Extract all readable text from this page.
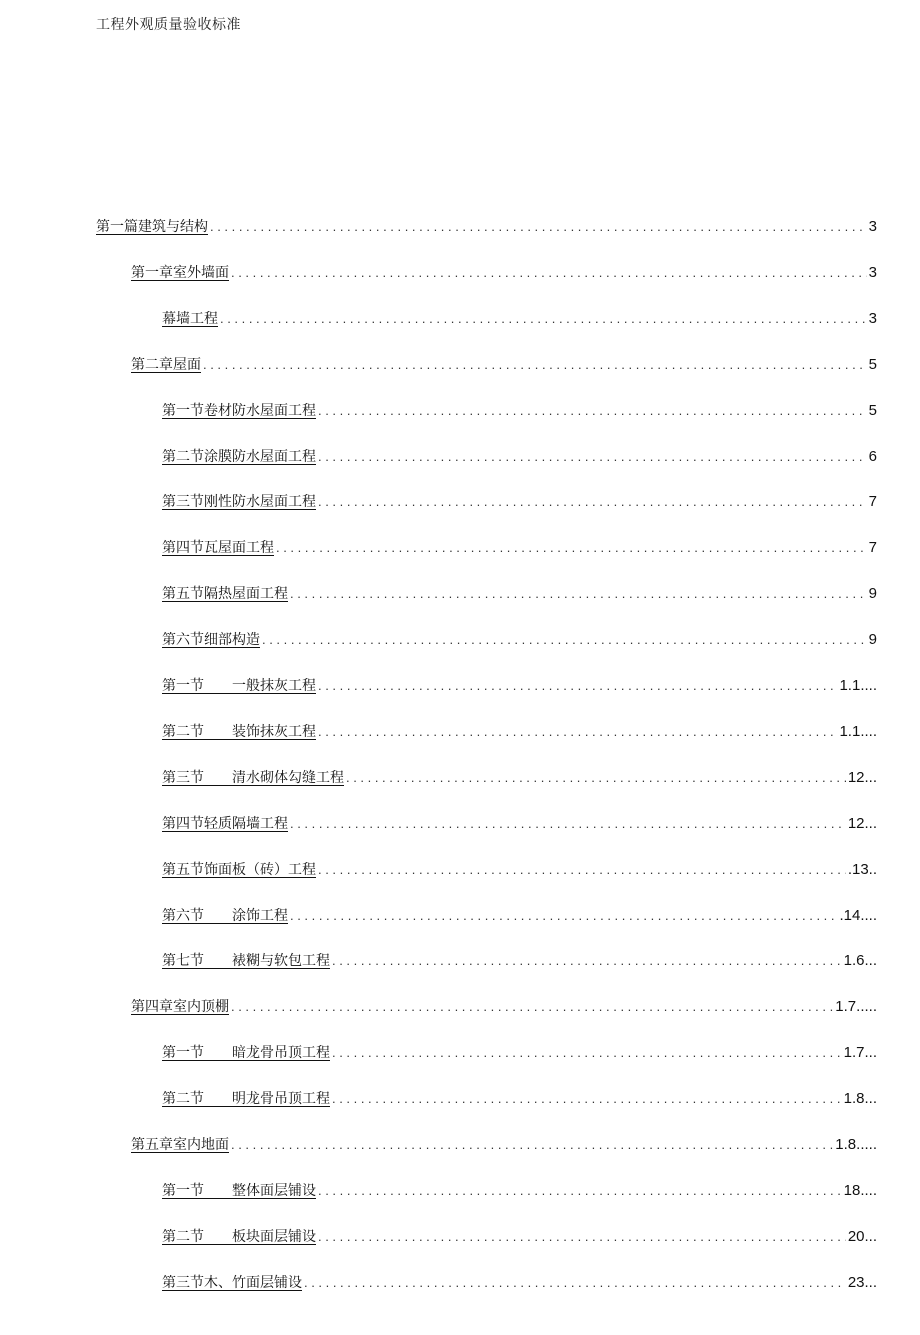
工程外观质量验收标准
第一篇建筑与结构 .....	3
第一章室外墙面 .....	3
幕墙工程 .....	3
第二章屋面 .....	5
第一节卷材防水屋面工程 .....	5
第二节涂膜防水屋面工程 .....	6
第三节刚性防水屋面工程 .....	7
第四节瓦屋面工程 .....	7
第五节隔热屋面工程 .....	9
第六节细部构造 .....	9
第一节　　一般抹灰工程 .....	1.1....
第二节　　装饰抹灰工程 .....	1.1....
第三节　　清水砌体勾缝工程 .....	12...
第四节轻质隔墙工程 .....	12...
第五节饰面板（砖）工程 .....	.13..
第六节　　涂饰工程 .....	.14....
第七节　　裱糊与软包工程 .....	1.6...
第四章室内顶棚 .....	1.7.....
第一节　　暗龙骨吊顶工程 .....	1.7...
第二节　　明龙骨吊顶工程 .....	1.8...
第五章室内地面 .....	1.8.....
第一节　　整体面层铺设 .....	18....
第二节　　板块面层铺设 .....	20...
第三节木、竹面层铺设 .....	23...
